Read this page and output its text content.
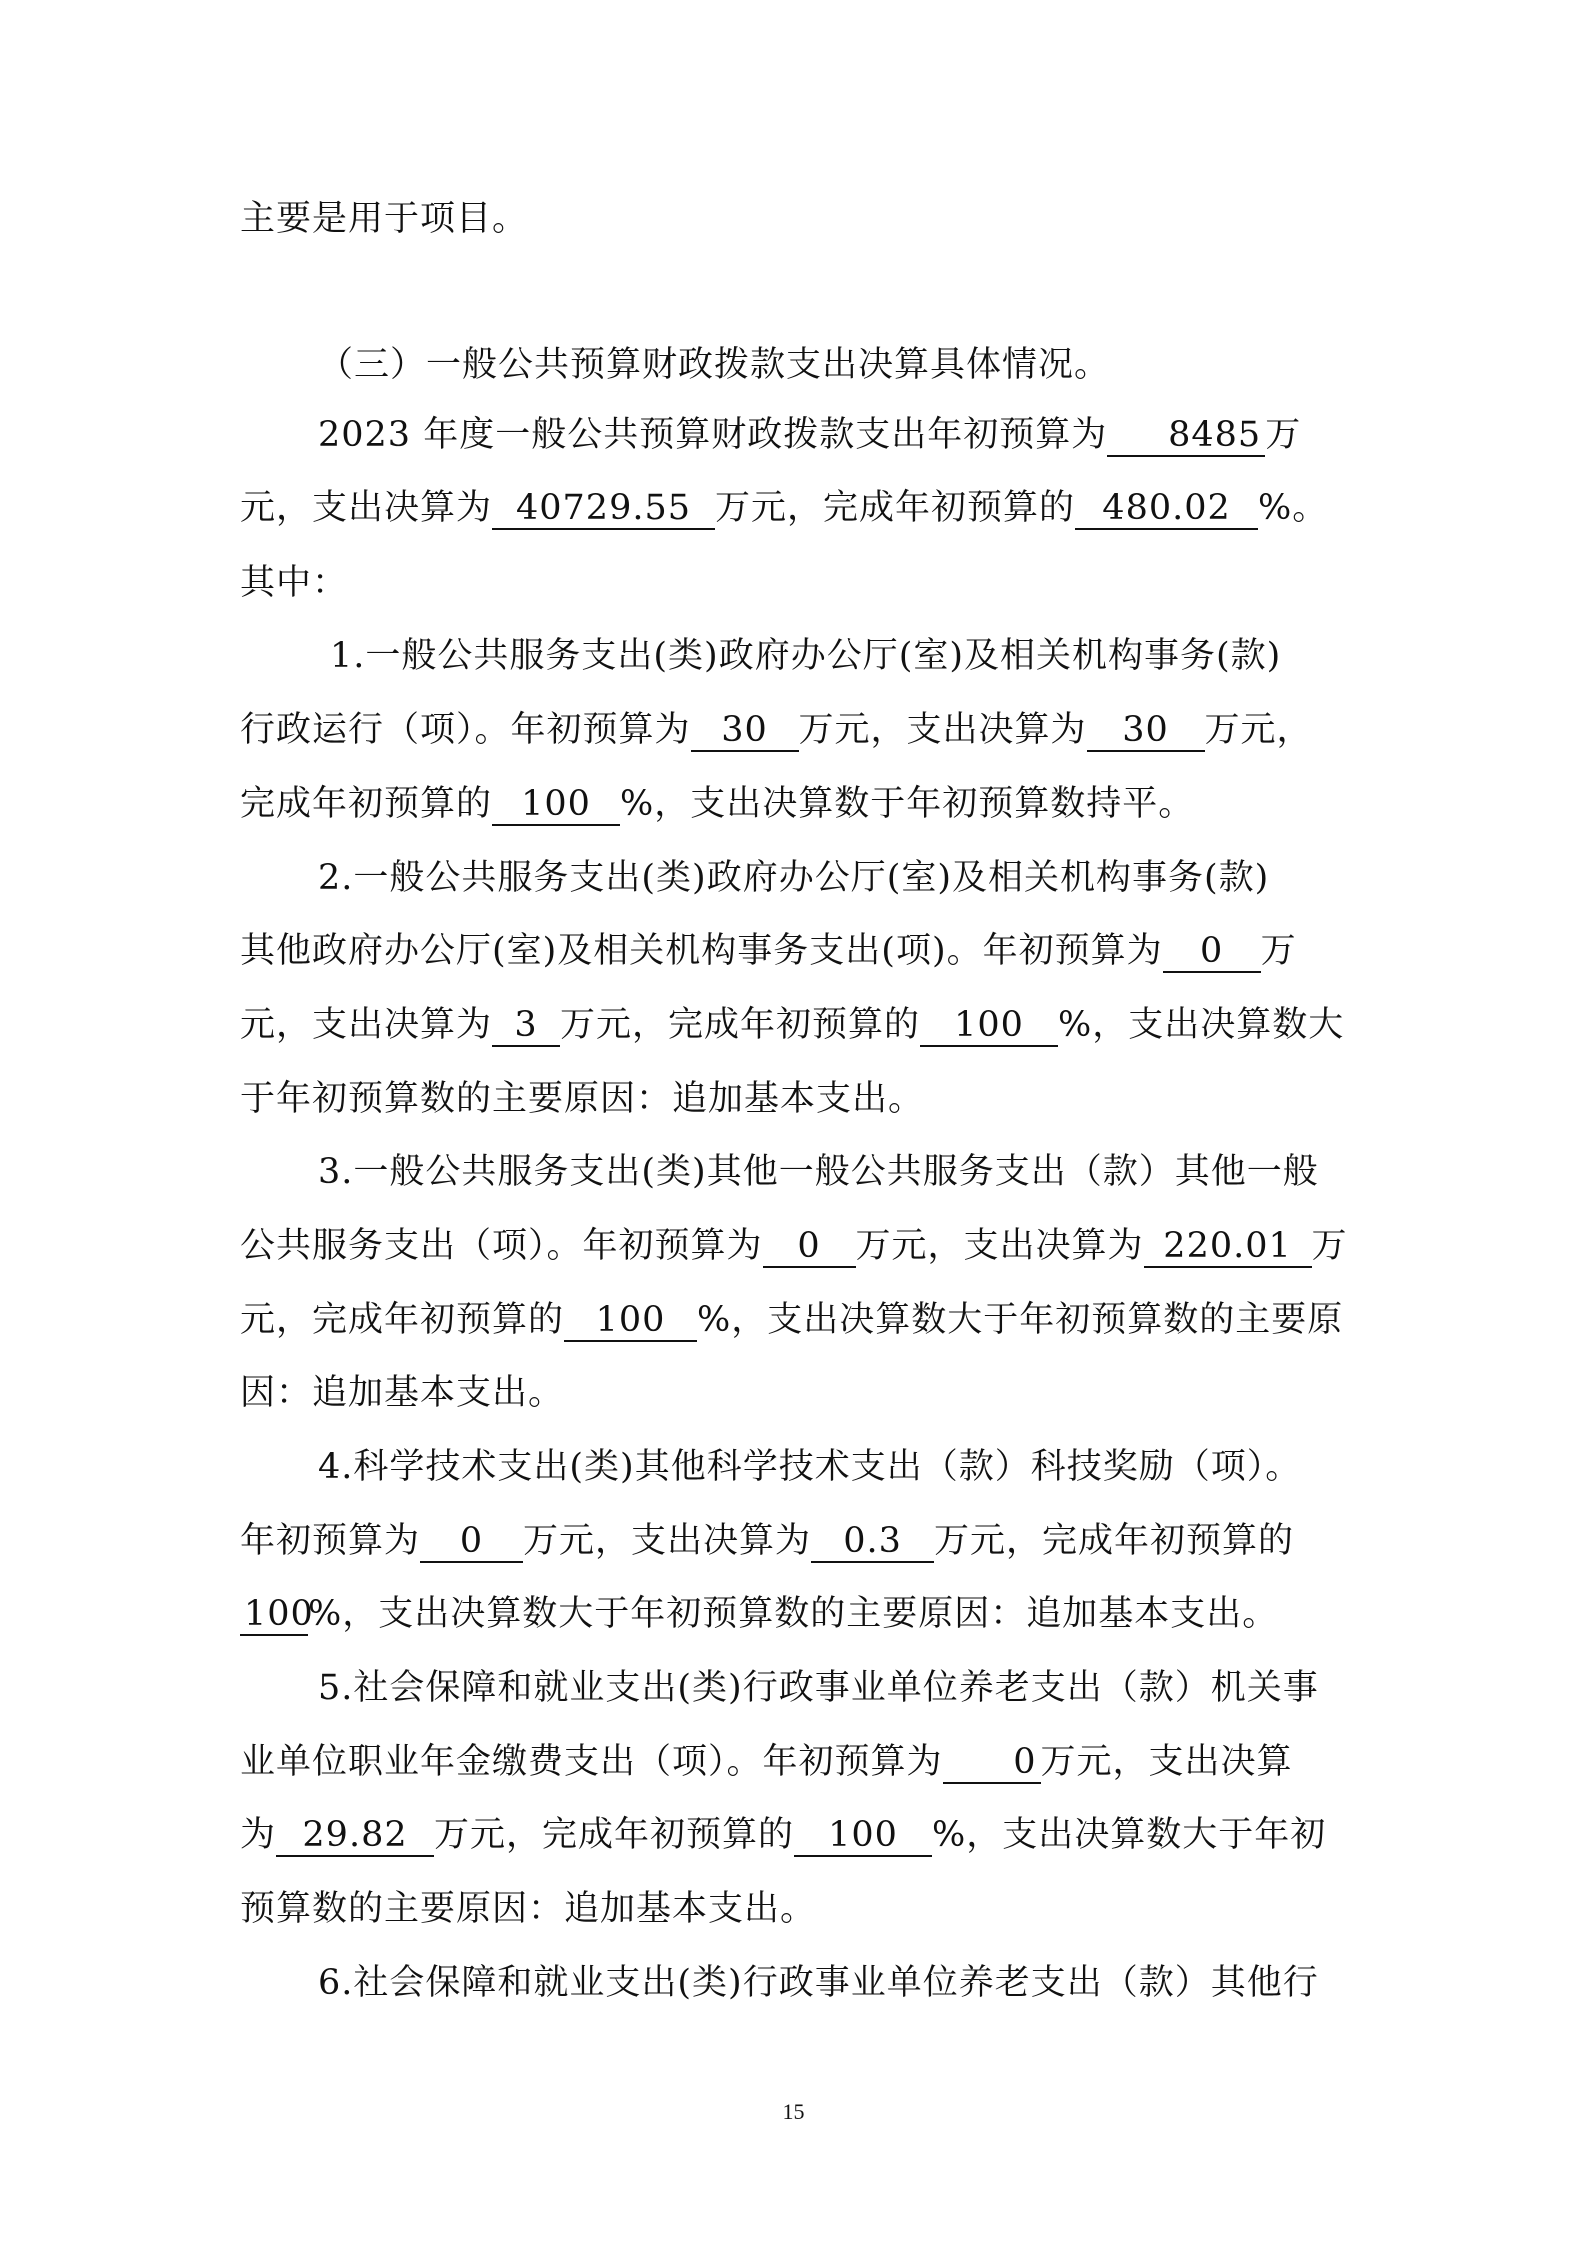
主要是用于项目。
（三）一般公共预算财政拨款支出决算具体情况。
2023 年度一般公共预算财政拨款支出年初预算为 8485 万
元，支出决算为 40729.55 万元，完成年初预算的 480.02 %。
其中：
1.一般公共服务支出(类)政府办公厅(室)及相关机构事务(款)
行政运行（项）。年初预算为 30 万元，支出决算为 30 万元，
完成年初预算的 100 %，支出决算数于年初预算数持平。
2.一般公共服务支出(类)政府办公厅(室)及相关机构事务(款)
其他政府办公厅(室)及相关机构事务支出(项)。年初预算为 0 万
元，支出决算为 3 万元，完成年初预算的 100 %，支出决算数大
于年初预算数的主要原因：追加基本支出。
3.一般公共服务支出(类)其他一般公共服务支出（款）其他一般
公共服务支出（项）。年初预算为 0 万元，支出决算为 220.01 万
元，完成年初预算的 100 %，支出决算数大于年初预算数的主要原
因：追加基本支出。
4.科学技术支出(类)其他科学技术支出（款）科技奖励（项）。
年初预算为 0 万元，支出决算为 0.3 万元，完成年初预算的
100%，支出决算数大于年初预算数的主要原因：追加基本支出。
5.社会保障和就业支出(类)行政事业单位养老支出（款）机关事
业单位职业年金缴费支出（项）。年初预算为 0 万元，支出决算
为 29.82 万元，完成年初预算的 100 %，支出决算数大于年初
预算数的主要原因：追加基本支出。
6.社会保障和就业支出(类)行政事业单位养老支出（款）其他行
15
